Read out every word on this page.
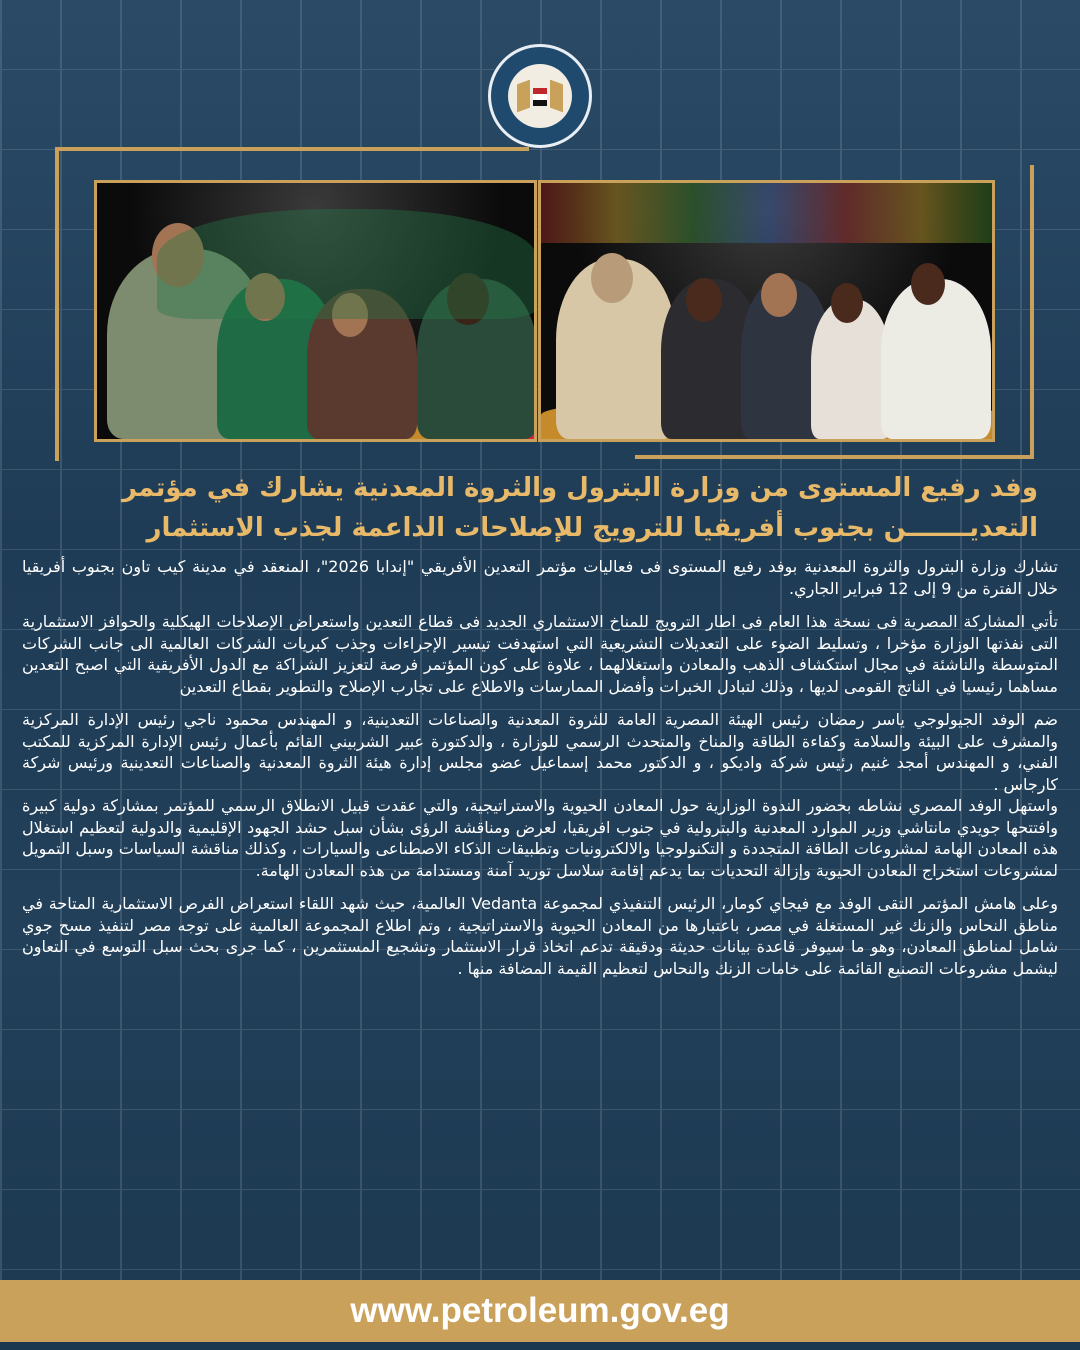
وفد رفيع المستوى من وزارة البترول والثروة المعدنية يشارك في مؤتمر التعديـــــــن بجنوب أفريقيا للترويج للإصلاحات الداعمة لجذب الاستثمار

تشارك وزارة البترول والثروة المعدنية بوفد رفيع المستوى فى فعاليات مؤتمر التعدين الأفريقي "إندابا 2026"، المنعقد في مدينة كيب تاون بجنوب أفريقيا خلال الفترة من 9 إلى 12 فبراير الجاري.

تأتي المشاركة المصرية فى نسخة هذا العام فى اطار الترويج للمناخ الاستثماري الجديد فى قطاع التعدين واستعراض الإصلاحات الهيكلية والحوافز الاستثمارية التى نفذتها الوزارة مؤخرا ، وتسليط الضوء على التعديلات التشريعية التي استهدفت تيسير الإجراءات وجذب كبريات الشركات العالمية الى جانب الشركات المتوسطة والناشئة في مجال استكشاف الذهب والمعادن واستغلالهما ، علاوة على كون المؤتمر فرصة لتعزيز الشراكة مع الدول الأفريقية التي اصبح التعدين مساهما رئيسيا في الناتج القومى لديها ، وذلك لتبادل الخبرات وأفضل الممارسات والاطلاع على تجارب الإصلاح والتطوير بقطاع التعدين

ضم الوفد الجيولوجي ياسر رمضان رئيس الهيئة المصرية العامة للثروة المعدنية والصناعات التعدينية، و المهندس محمود ناجي رئيس الإدارة المركزية والمشرف على البيئة والسلامة وكفاءة الطاقة والمناخ والمتحدث الرسمي للوزارة ، والدكتورة عبير الشربيني القائم بأعمال رئيس الإدارة المركزية للمكتب الفني، و المهندس أمجد غنيم رئيس شركة واديكو ، و الدكتور محمد إسماعيل عضو مجلس إدارة هيئة الثروة المعدنية والصناعات التعدينية ورئيس شركة كارجاس .

واستهل الوفد المصري نشاطه بحضور الندوة الوزارية حول المعادن الحيوية والاستراتيجية، والتي عقدت قبيل الانطلاق الرسمي للمؤتمر بمشاركة دولية كبيرة وافتتحها جويدي مانتاشي وزير الموارد المعدنية والبترولية في جنوب افريقيا، لعرض ومناقشة الرؤى بشأن سبل حشد الجهود الإقليمية والدولية لتعظيم استغلال هذه المعادن الهامة لمشروعات الطاقة المتجددة و التكنولوجيا والالكترونيات وتطبيقات الذكاء الاصطناعى والسيارات ، وكذلك مناقشة السياسات وسبل التمويل لمشروعات استخراج المعادن الحيوية وإزالة التحديات بما يدعم إقامة سلاسل توريد آمنة ومستدامة من هذه المعادن الهامة.

وعلى هامش المؤتمر التقى الوفد مع فيجاي كومار، الرئيس التنفيذي لمجموعة Vedanta العالمية، حيث شهد اللقاء استعراض الفرص الاستثمارية المتاحة في مناطق النحاس والزنك غير المستغلة في مصر، باعتبارها من المعادن الحيوية والاستراتيجية ، وتم اطلاع المجموعة العالمية على توجه مصر لتنفيذ مسح جوي شامل لمناطق المعادن، وهو ما سيوفر قاعدة بيانات حديثة ودقيقة تدعم اتخاذ قرار الاستثمار وتشجيع المستثمرين ، كما جرى بحث سبل التوسع في التعاون ليشمل مشروعات التصنيع القائمة على خامات الزنك والنحاس لتعظيم القيمة المضافة منها .

www.petroleum.gov.eg
